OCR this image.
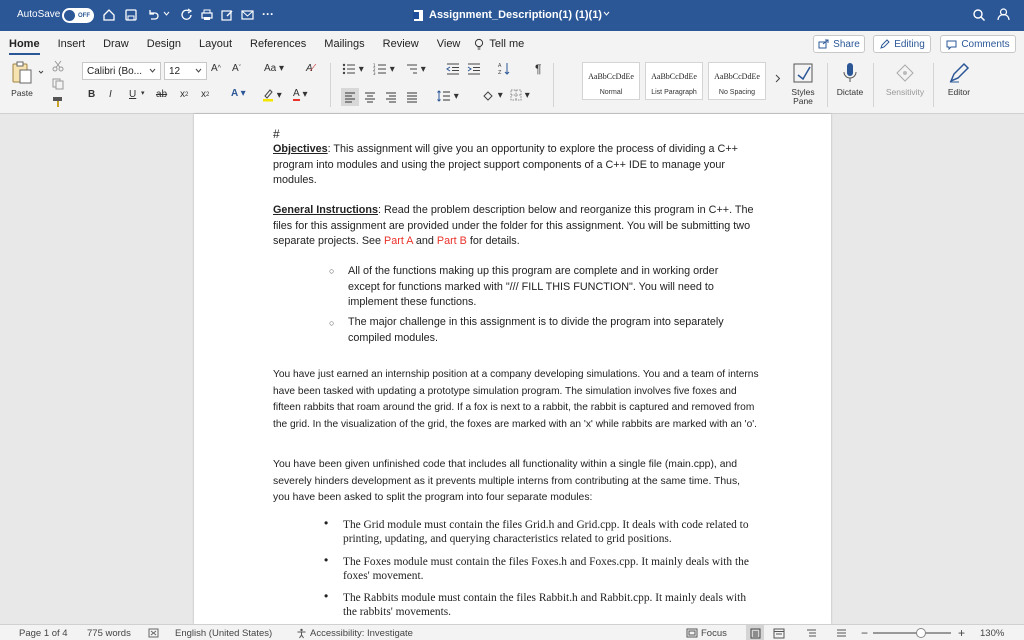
AutoSave	OFF	···	Assignment_Description(1) (1)(1)
Home	Insert	Draw	Design	Layout	References	Mailings	Review	View	Tell me	Share	Editing	Comments
Paste
Calibri (Bo...	12	A ^ A ˇ Aa ▾ A ⁄
B I U ▾ ab x 2 x 2 A ▾	▾ A ▾
▾ 1
2
3 ▾	▾	A
Z	¶
▾	▾	▾
AaBbCcDdEe
Normal
AaBbCcDdEe
List Paragraph
AaBbCcDdEe
No Spacing	Styles Pane
Dictate	Sensitivity	Editor
#
Objectives: This assignment will give you an opportunity to explore the process of dividing a C++ program into modules and using the project support components of a C++ IDE to manage your modules.
General Instructions: Read the problem description below and reorganize this program in C++. The files for this assignment are provided under the folder for this assignment. You will be submitting two separate projects. See Part A and Part B for details.
○ All of the functions making up this program are complete and in working order except for functions marked with "/// FILL THIS FUNCTION". You will need to implement these functions.
○ The major challenge in this assignment is to divide the program into separately compiled modules.
You have just earned an internship position at a company developing simulations. You and a team of interns have been tasked with updating a prototype simulation program. The simulation involves five foxes and fifteen rabbits that roam around the grid. If a fox is next to a rabbit, the rabbit is captured and removed from the grid. In the visualization of the grid, the foxes are marked with an 'x' while rabbits are marked with an 'o'.
You have been given unfinished code that includes all functionality within a single file (main.cpp), and severely hinders development as it prevents multiple interns from contributing at the same time. Thus, you have been asked to split the program into four separate modules:
• The Grid module must contain the files Grid.h and Grid.cpp. It deals with code related to printing, updating, and querying characteristics related to grid positions.
• The Foxes module must contain the files Foxes.h and Foxes.cpp. It mainly deals with the foxes' movement.
• The Rabbits module must contain the files Rabbit.h and Rabbit.cpp. It mainly deals with the rabbits' movements.
Page 1 of 4 775 words	English (United States)	Accessibility: Investigate	Focus	−	+ 130%
